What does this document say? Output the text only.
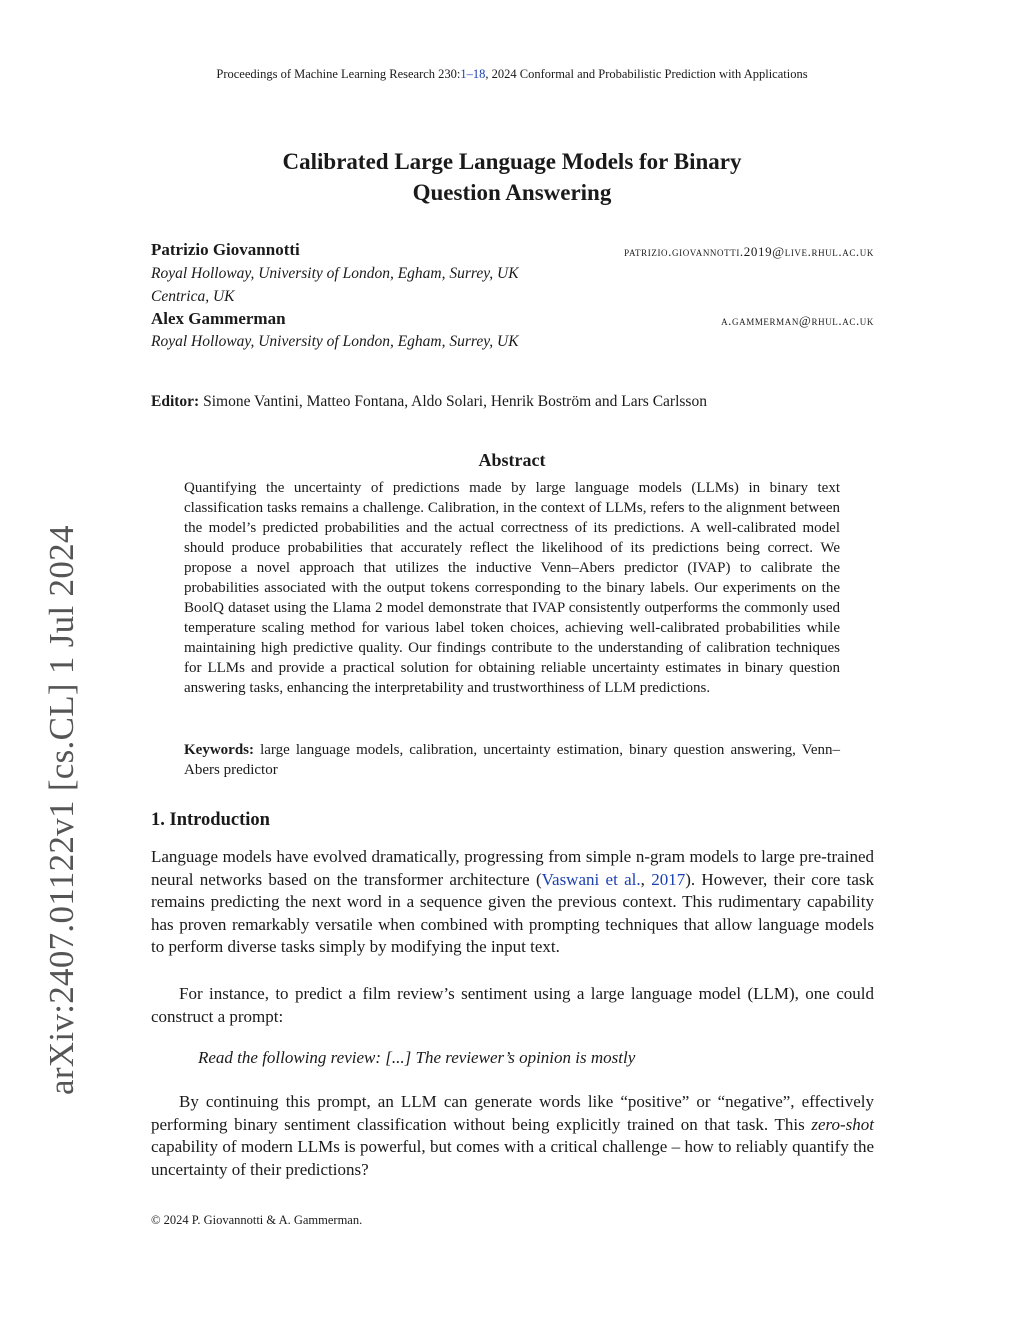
Proceedings of Machine Learning Research 230:1–18, 2024 Conformal and Probabilistic Prediction with Applications
arXiv:2407.01122v1 [cs.CL] 1 Jul 2024
Calibrated Large Language Models for Binary
Question Answering
Patrizio Giovannotti	patrizio.giovannotti.2019@live.rhul.ac.uk
Royal Holloway, University of London, Egham, Surrey, UK
Centrica, UK
Alex Gammerman	a.gammerman@rhul.ac.uk
Royal Holloway, University of London, Egham, Surrey, UK
Editor: Simone Vantini, Matteo Fontana, Aldo Solari, Henrik Boström and Lars Carlsson
Abstract
Quantifying the uncertainty of predictions made by large language models (LLMs) in binary text classification tasks remains a challenge. Calibration, in the context of LLMs, refers to the alignment between the model’s predicted probabilities and the actual correctness of its predictions. A well-calibrated model should produce probabilities that accurately reflect the likelihood of its predictions being correct. We propose a novel approach that utilizes the inductive Venn–Abers predictor (IVAP) to calibrate the probabilities associated with the output tokens corresponding to the binary labels. Our experiments on the BoolQ dataset using the Llama 2 model demonstrate that IVAP consistently outperforms the commonly used temperature scaling method for various label token choices, achieving well-calibrated probabilities while maintaining high predictive quality. Our findings contribute to the understanding of calibration techniques for LLMs and provide a practical solution for obtaining reliable uncertainty estimates in binary question answering tasks, enhancing the interpretability and trustworthiness of LLM predictions.
Keywords: large language models, calibration, uncertainty estimation, binary question answering, Venn–Abers predictor
1. Introduction
Language models have evolved dramatically, progressing from simple n-gram models to large pre-trained neural networks based on the transformer architecture (Vaswani et al., 2017). However, their core task remains predicting the next word in a sequence given the previous context. This rudimentary capability has proven remarkably versatile when combined with prompting techniques that allow language models to perform diverse tasks simply by modifying the input text.
For instance, to predict a film review’s sentiment using a large language model (LLM), one could construct a prompt:
Read the following review: [...] The reviewer’s opinion is mostly
By continuing this prompt, an LLM can generate words like “positive” or “negative”, effectively performing binary sentiment classification without being explicitly trained on that task. This zero-shot capability of modern LLMs is powerful, but comes with a critical challenge – how to reliably quantify the uncertainty of their predictions?
© 2024 P. Giovannotti & A. Gammerman.
